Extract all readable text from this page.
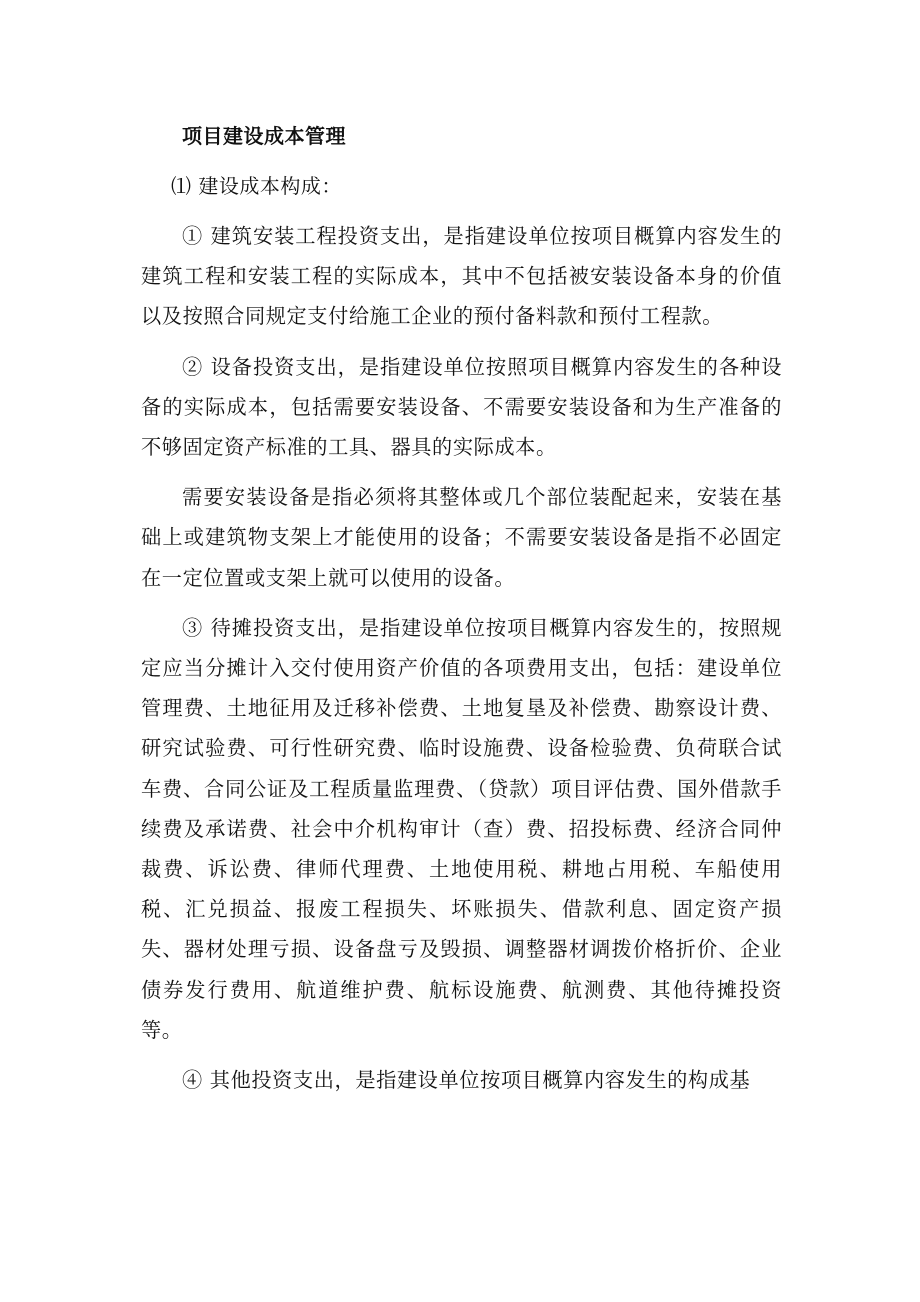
项目建设成本管理

⑴ 建设成本构成：

① 建筑安装工程投资支出，是指建设单位按项目概算内容发生的建筑工程和安装工程的实际成本，其中不包括被安装设备本身的价值以及按照合同规定支付给施工企业的预付备料款和预付工程款。

② 设备投资支出，是指建设单位按照项目概算内容发生的各种设备的实际成本，包括需要安装设备、不需要安装设备和为生产准备的不够固定资产标准的工具、器具的实际成本。

需要安装设备是指必须将其整体或几个部位装配起来，安装在基础上或建筑物支架上才能使用的设备；不需要安装设备是指不必固定在一定位置或支架上就可以使用的设备。

③ 待摊投资支出，是指建设单位按项目概算内容发生的，按照规定应当分摊计入交付使用资产价值的各项费用支出，包括：建设单位管理费、土地征用及迁移补偿费、土地复垦及补偿费、勘察设计费、研究试验费、可行性研究费、临时设施费、设备检验费、负荷联合试车费、合同公证及工程质量监理费、（贷款）项目评估费、国外借款手续费及承诺费、社会中介机构审计（查）费、招投标费、经济合同仲裁费、诉讼费、律师代理费、土地使用税、耕地占用税、车船使用税、汇兑损益、报废工程损失、坏账损失、借款利息、固定资产损失、器材处理亏损、设备盘亏及毁损、调整器材调拨价格折价、企业债券发行费用、航道维护费、航标设施费、航测费、其他待摊投资等。

④ 其他投资支出，是指建设单位按项目概算内容发生的构成基
